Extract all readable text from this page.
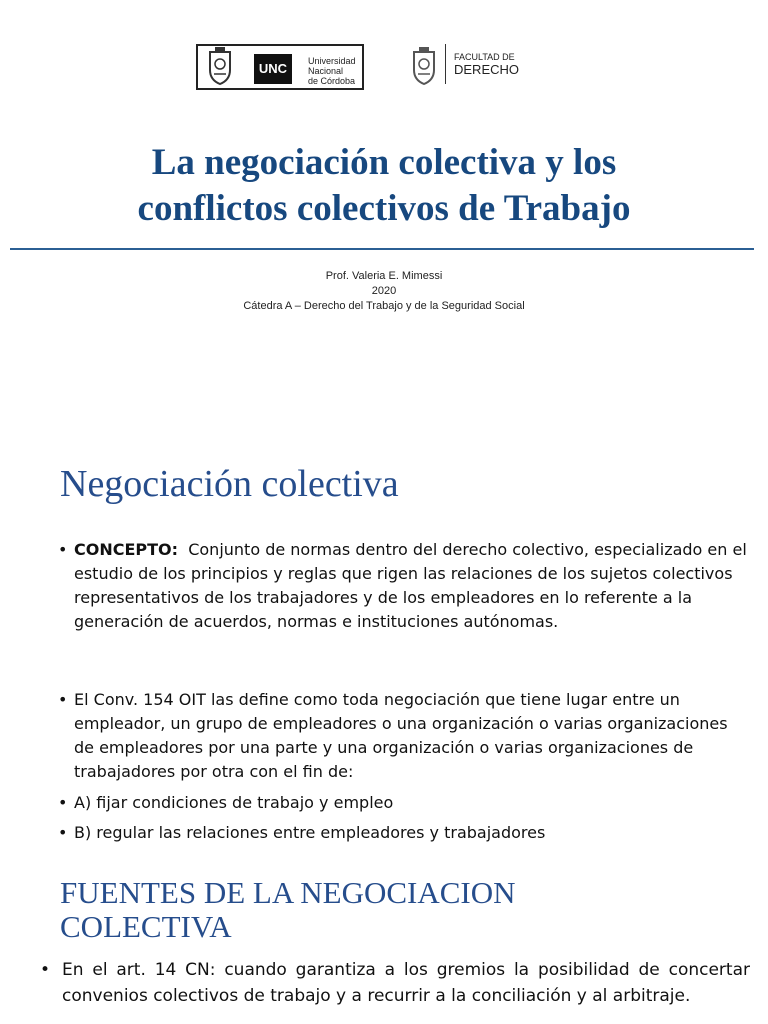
UNC	Universidad
Nacional
de Córdoba
FACULTAD DE
DERECHO
La negociación colectiva y los
conflictos colectivos de Trabajo
Prof. Valeria E. Mimessi
2020
Cátedra A – Derecho del Trabajo y de la Seguridad Social
Negociación colectiva

• CONCEPTO: Conjunto de normas dentro del derecho colectivo, especializado en el estudio de los principios y reglas que rigen las relaciones de los sujetos colectivos representativos de los trabajadores y de los empleadores en lo referente a la generación de acuerdos, normas e instituciones autónomas.

• El Conv. 154 OIT las define como toda negociación que tiene lugar entre un empleador, un grupo de empleadores o una organización o varias organizaciones de empleadores por una parte y una organización o varias organizaciones de trabajadores por otra con el fin de:

• A) fijar condiciones de trabajo y empleo

• B) regular las relaciones entre empleadores y trabajadores

FUENTES DE LA NEGOCIACION
COLECTIVA

• En el art. 14 CN: cuando garantiza a los gremios la posibilidad de concertar convenios colectivos de trabajo y a recurrir a la conciliación y al arbitraje.
